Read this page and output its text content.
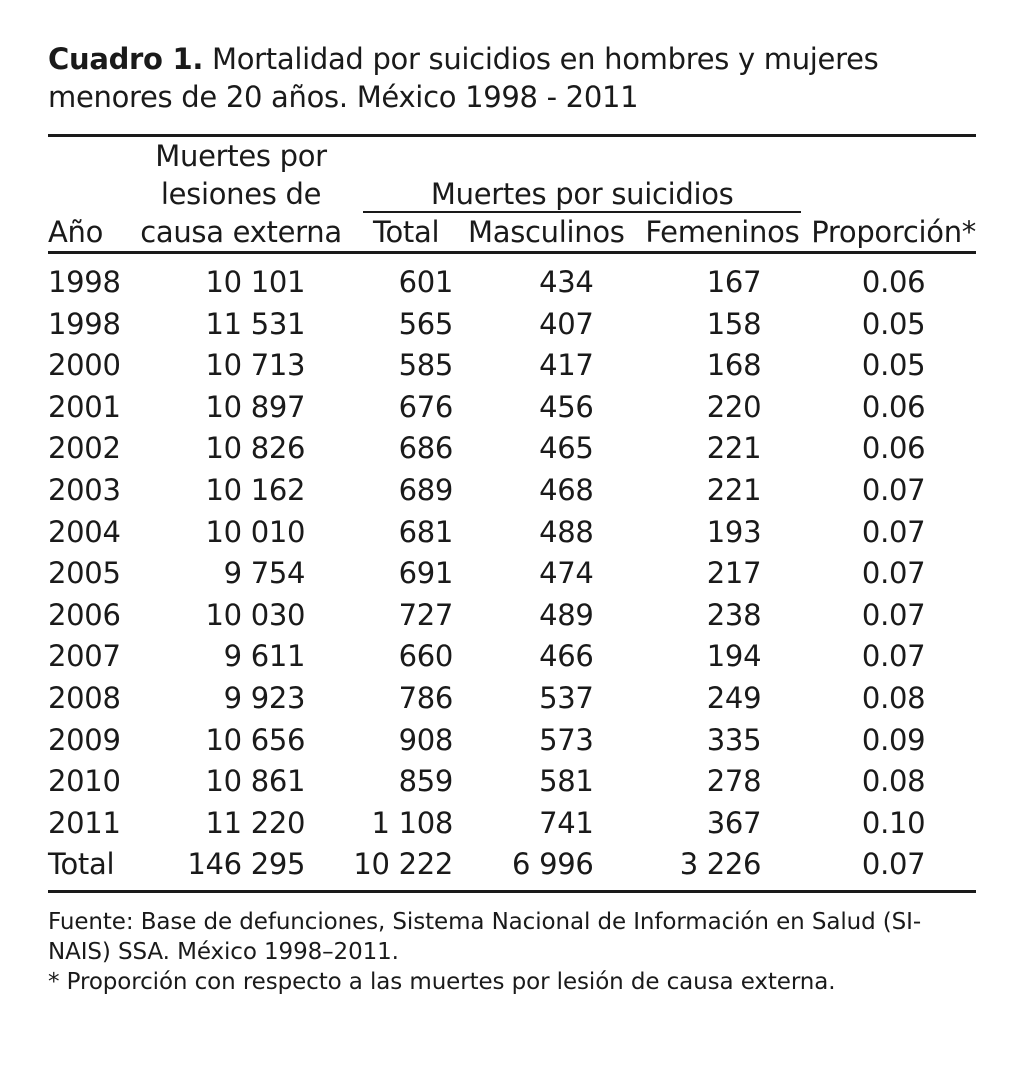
Cuadro 1. Mortalidad por suicidios en hombres y mujeres menores de 20 años. México 1998 - 2011

	Muertes por				
	lesiones de	Muertes por suicidios			

Año	causa externa	Total	Masculinos	Femeninos	Proporción*
1998	10 101	601	434	167	0.06
1998	11 531	565	407	158	0.05
2000	10 713	585	417	168	0.05
2001	10 897	676	456	220	0.06
2002	10 826	686	465	221	0.06
2003	10 162	689	468	221	0.07
2004	10 010	681	488	193	0.07
2005	9 754	691	474	217	0.07
2006	10 030	727	489	238	0.07
2007	9 611	660	466	194	0.07
2008	9 923	786	537	249	0.08
2009	10 656	908	573	335	0.09
2010	10 861	859	581	278	0.08
2011	11 220	1 108	741	367	0.10
Total	146 295	10 222	6 996	3 226	0.07

Fuente: Base de defunciones, Sistema Nacional de Información en Salud (SI-NAIS) SSA. México 1998–2011.

* Proporción con respecto a las muertes por lesión de causa externa.
